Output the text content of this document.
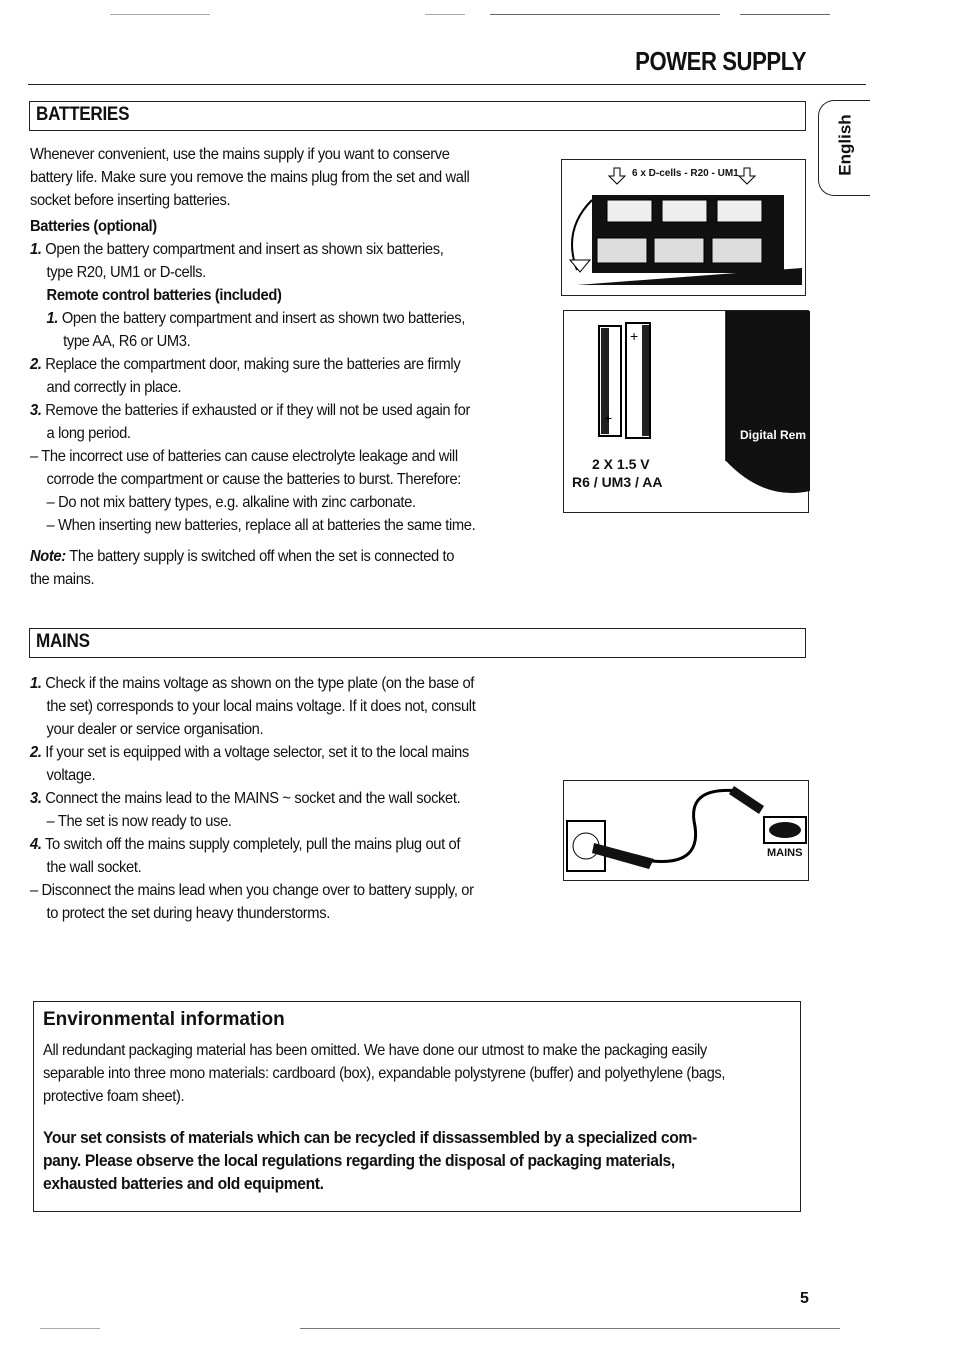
POWER SUPPLY
English
BATTERIES
Whenever convenient, use the mains supply if you want to conserve
battery life. Make sure you remove the mains plug from the set and wall
socket before inserting batteries.
Batteries (optional)
1. Open the battery compartment and insert as shown six batteries,
type R20, UM1 or D-cells.
Remote control batteries (included)
1. Open the battery compartment and insert as shown two batteries,
type AA, R6 or UM3.
2. Replace the compartment door, making sure the batteries are firmly
and correctly in place.
3. Remove the batteries if exhausted or if they will not be used again for
a long period.
– The incorrect use of batteries can cause electrolyte leakage and will
corrode the compartment or cause the batteries to burst. Therefore:
– Do not mix battery types, e.g. alkaline with zinc carbonate.
– When inserting new batteries, replace all at batteries the same time.
Note: The battery supply is switched off when the set is connected to
the mains.
6 x D-cells - R20 - UM1
+
+
Digital Rem
2 X 1.5 V
R6 / UM3 / AA
MAINS
1. Check if the mains voltage as shown on the type plate (on the base of
the set) corresponds to your local mains voltage. If it does not, consult
your dealer or service organisation.
2. If your set is equipped with a voltage selector, set it to the local mains
voltage.
3. Connect the mains lead to the MAINS ~ socket and the wall socket.
– The set is now ready to use.
4. To switch off the mains supply completely, pull the mains plug out of
the wall socket.
– Disconnect the mains lead when you change over to battery supply, or
to protect the set during heavy thunderstorms.
MAINS
Environmental information
All redundant packaging material has been omitted. We have done our utmost to make the packaging easily
separable into three mono materials: cardboard (box), expandable polystyrene (buffer) and polyethylene (bags,
protective foam sheet).
Your set consists of materials which can be recycled if dissassembled by a specialized com-
pany. Please observe the local regulations regarding the disposal of packaging materials,
exhausted batteries and old equipment.
5
